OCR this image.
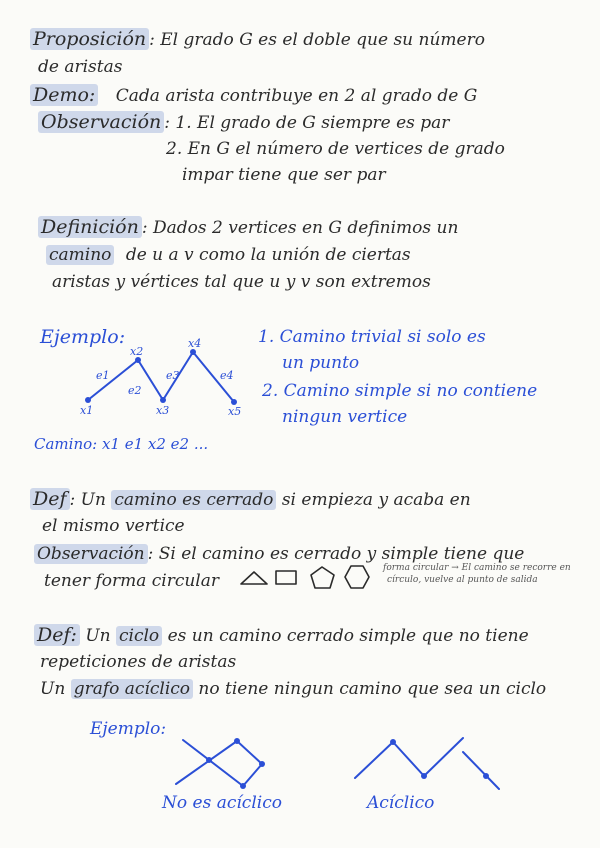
Proposición : El grado G es el doble que su número
de aristas
Demo: Cada arista contribuye en 2 al grado de G
Observación : 1. El grado de G siempre es par
2. En G el número de vertices de grado
impar tiene que ser par
Definición : Dados 2 vertices en G definimos un
camino de u a v como la unión de ciertas
aristas y vértices tal que u y v son extremos
Ejemplo:
x1
x2
x3
x4
x5
e1
e2
e3	e4
Camino: x1 e1 x2 e2 ...
1. Camino trivial si solo es
un punto
2. Camino simple si no contiene
ningun vertice
Def : Un camino es cerrado si empieza y acaba en
el mismo vertice
Observación : Si el camino es cerrado y simple tiene que
tener forma circular
forma circular → El camino se recorre en
círculo, vuelve al punto de salida
Def: Un ciclo es un camino cerrado simple que no tiene
repeticiones de aristas
Un grafo acíclico no tiene ningun camino que sea un ciclo
Ejemplo:
No es acíclico	Acíclico
